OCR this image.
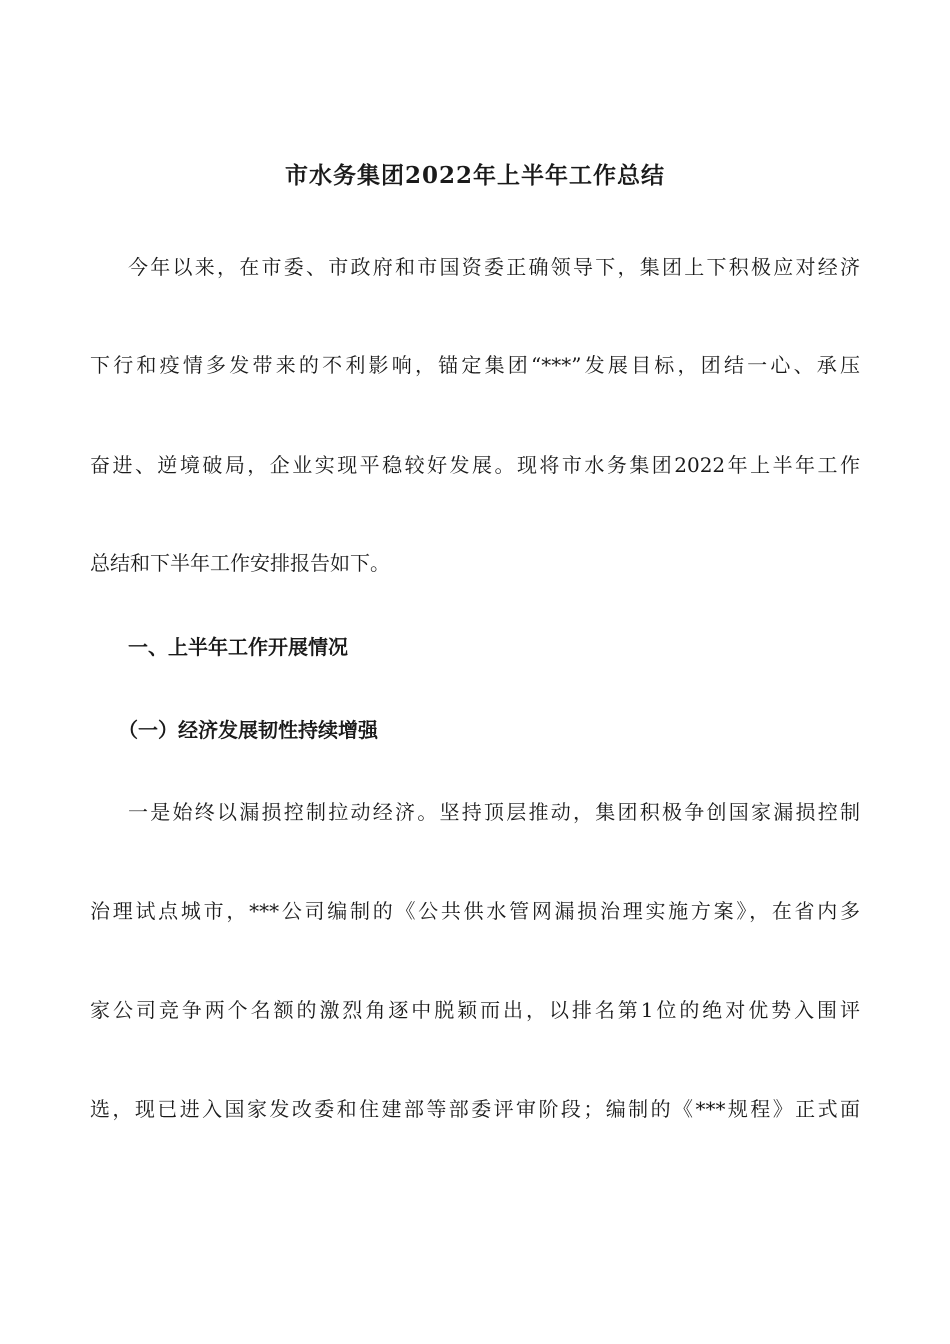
市水务集团2022年上半年工作总结
今年以来，在市委、市政府和市国资委正确领导下，集团上下积极应对经济
下行和疫情多发带来的不利影响，锚定集团“***”发展目标，团结一心、承压
奋进、逆境破局，企业实现平稳较好发展。现将市水务集团2022年上半年工作
总结和下半年工作安排报告如下。
一、上半年工作开展情况
（一）经济发展韧性持续增强
一是始终以漏损控制拉动经济。坚持顶层推动，集团积极争创国家漏损控制
治理试点城市，***公司编制的《公共供水管网漏损治理实施方案》，在省内多
家公司竞争两个名额的激烈角逐中脱颖而出，以排名第1位的绝对优势入围评
选，现已进入国家发改委和住建部等部委评审阶段；编制的《***规程》正式面
